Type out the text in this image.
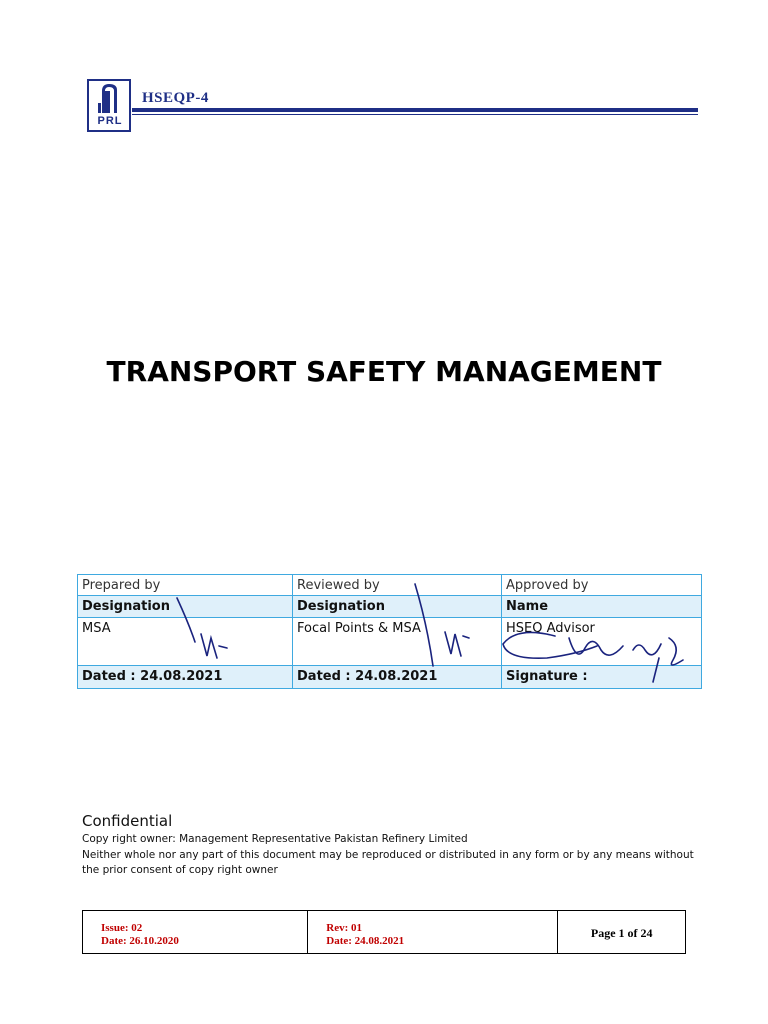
PRL
HSEQP-4
TRANSPORT SAFETY MANAGEMENT
Prepared by	Reviewed by	Approved by
Designation	Designation	Name
MSA	Focal Points & MSA	HSEQ Advisor
Dated : 24.08.2021	Dated : 24.08.2021	Signature :
Confidential
Copy right owner: Management Representative Pakistan Refinery Limited
Neither whole nor any part of this document may be reproduced or distributed in any form or by any means without
the prior consent of copy right owner
Issue: 02
Date: 26.10.2020
Rev: 01
Date: 24.08.2021
Page 1 of 24
